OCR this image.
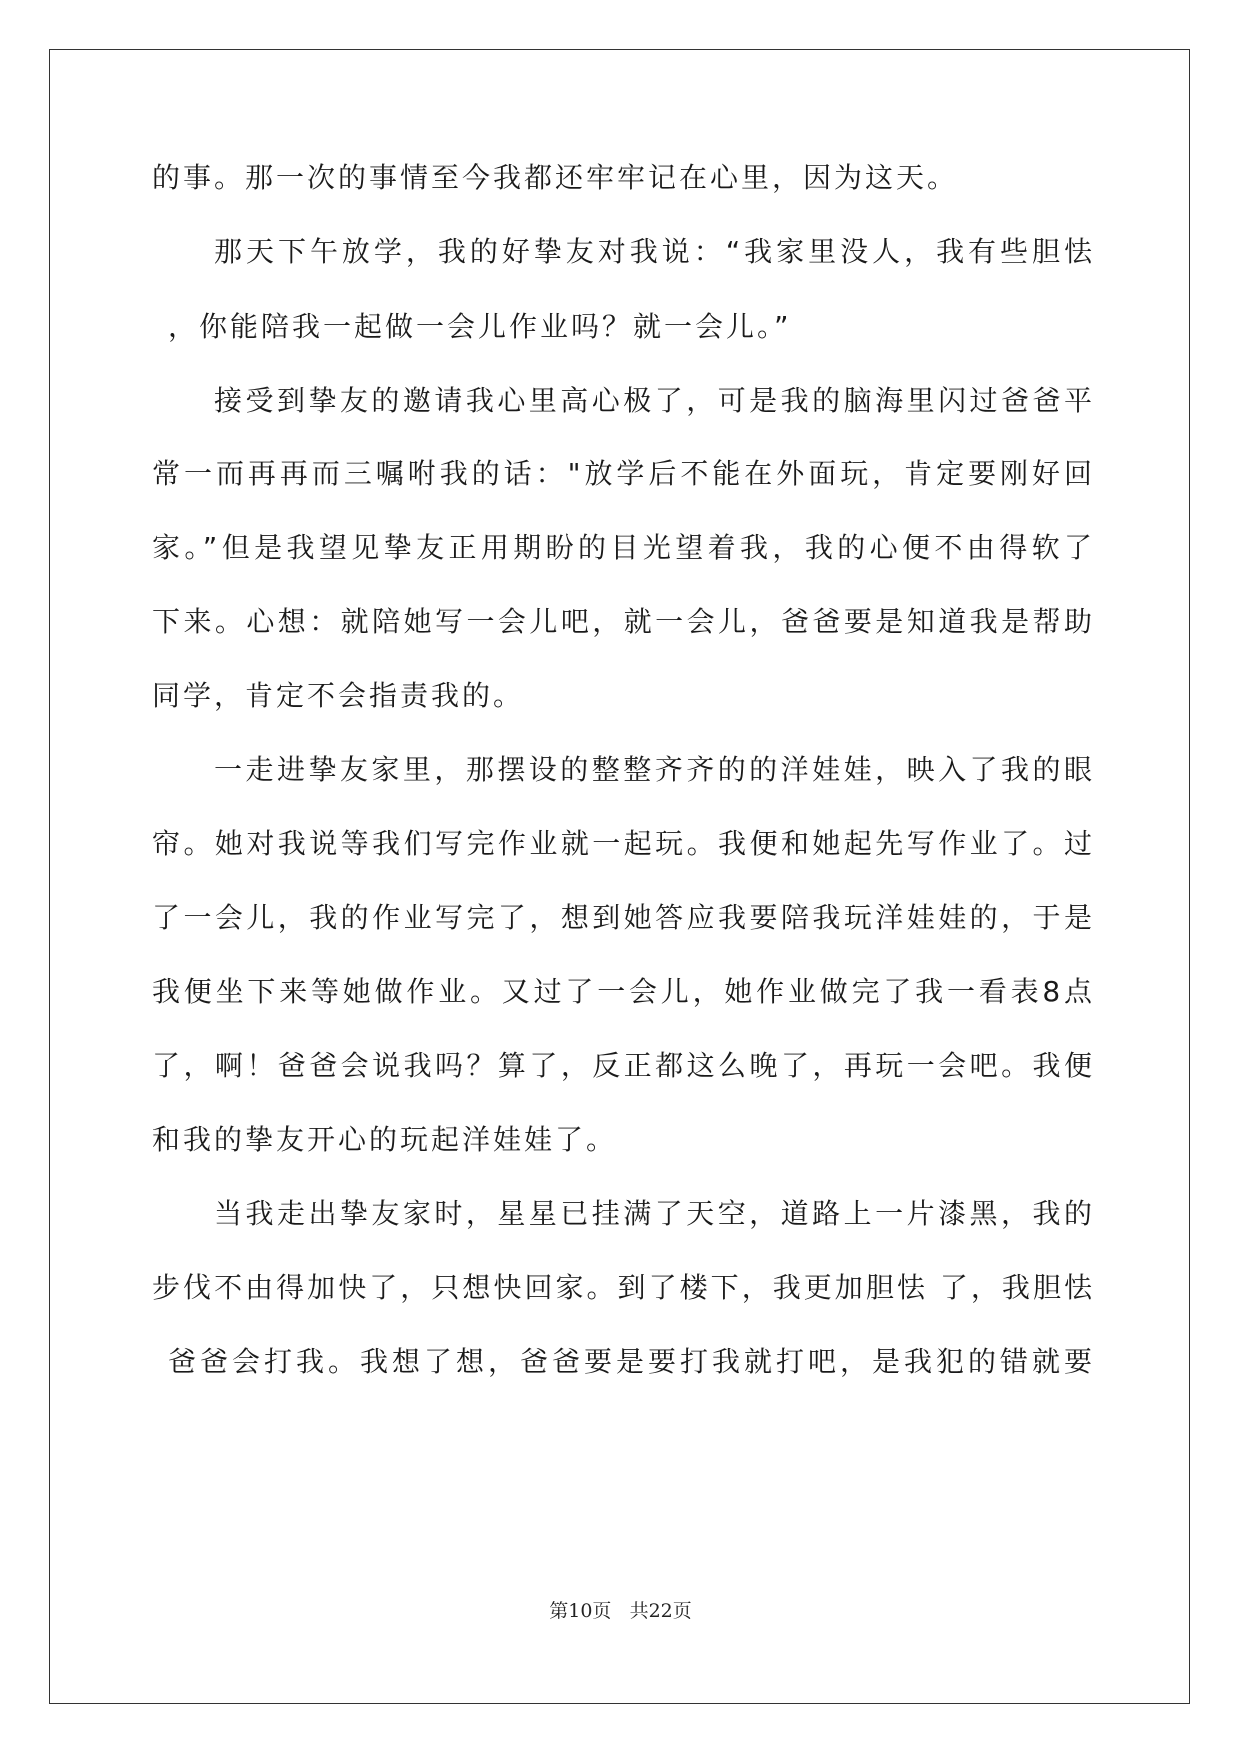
的事。那一次的事情至今我都还牢牢记在心里，因为这天。
那天下午放学，我的好挚友对我说：“我家里没人，我有些胆怯
，你能陪我一起做一会儿作业吗？就一会儿。”
接受到挚友的邀请我心里高心极了，可是我的脑海里闪过爸爸平
常一而再再而三嘱咐我的话："放学后不能在外面玩，肯定要刚好回
家。”但是我望见挚友正用期盼的目光望着我，我的心便不由得软了
下来。心想：就陪她写一会儿吧，就一会儿，爸爸要是知道我是帮助
同学，肯定不会指责我的。
一走进挚友家里，那摆设的整整齐齐的的洋娃娃，映入了我的眼
帘。她对我说等我们写完作业就一起玩。我便和她起先写作业了。过
了一会儿，我的作业写完了，想到她答应我要陪我玩洋娃娃的，于是
我便坐下来等她做作业。又过了一会儿，她作业做完了我一看表8点
了，啊！爸爸会说我吗？算了，反正都这么晚了，再玩一会吧。我便
和我的挚友开心的玩起洋娃娃了。
当我走出挚友家时，星星已挂满了天空，道路上一片漆黑，我的
步伐不由得加快了，只想快回家。到了楼下，我更加胆怯 了，我胆怯
爸爸会打我。我想了想，爸爸要是要打我就打吧，是我犯的错就要
第10页 共22页
